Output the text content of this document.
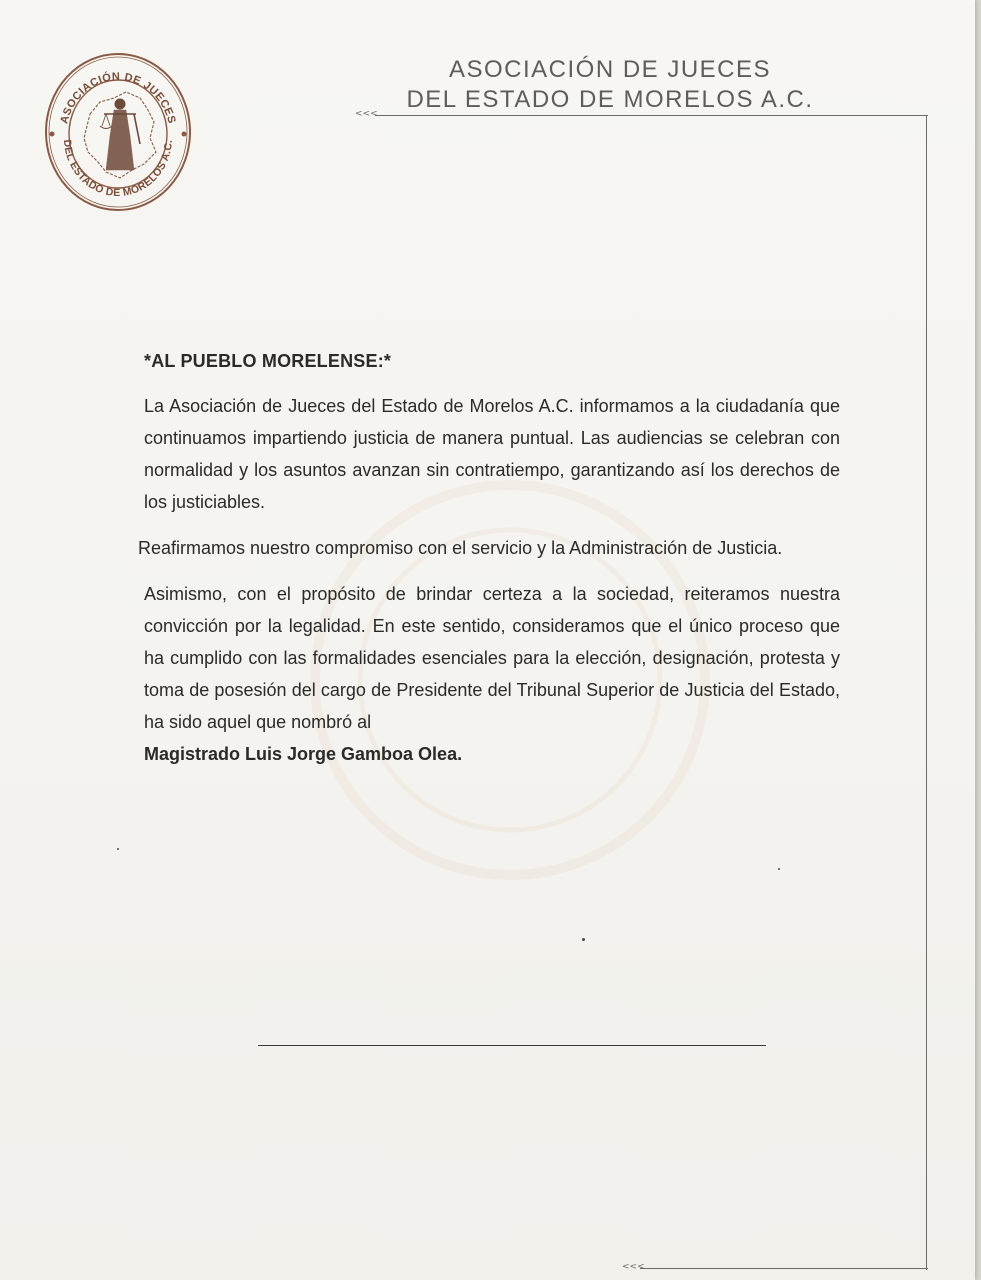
ASOCIACIÓN DE JUECES
DEL ESTADO DE MORELOS A.C.
ASOCIACIÓN DE JUECES
DEL ESTADO DE MORELOS A.C.
<<<
<<<
*AL PUEBLO MORELENSE:*
La Asociación de Jueces del Estado de Morelos A.C. informamos a la ciudadanía que continuamos impartiendo justicia de manera puntual. Las audiencias se celebran con normalidad y los asuntos avanzan sin contratiempo, garantizando así los derechos de los justiciables.
Reafirmamos nuestro compromiso con el servicio y la Administración de Justicia.
Asimismo, con el propósito de brindar certeza a la sociedad, reiteramos nuestra convicción por la legalidad. En este sentido, consideramos que el único proceso que ha cumplido con las formalidades esenciales para la elección, designación, protesta y toma de posesión del cargo de Presidente del Tribunal Superior de Justicia del Estado, ha sido aquel que nombró al
Magistrado Luis Jorge Gamboa Olea.
